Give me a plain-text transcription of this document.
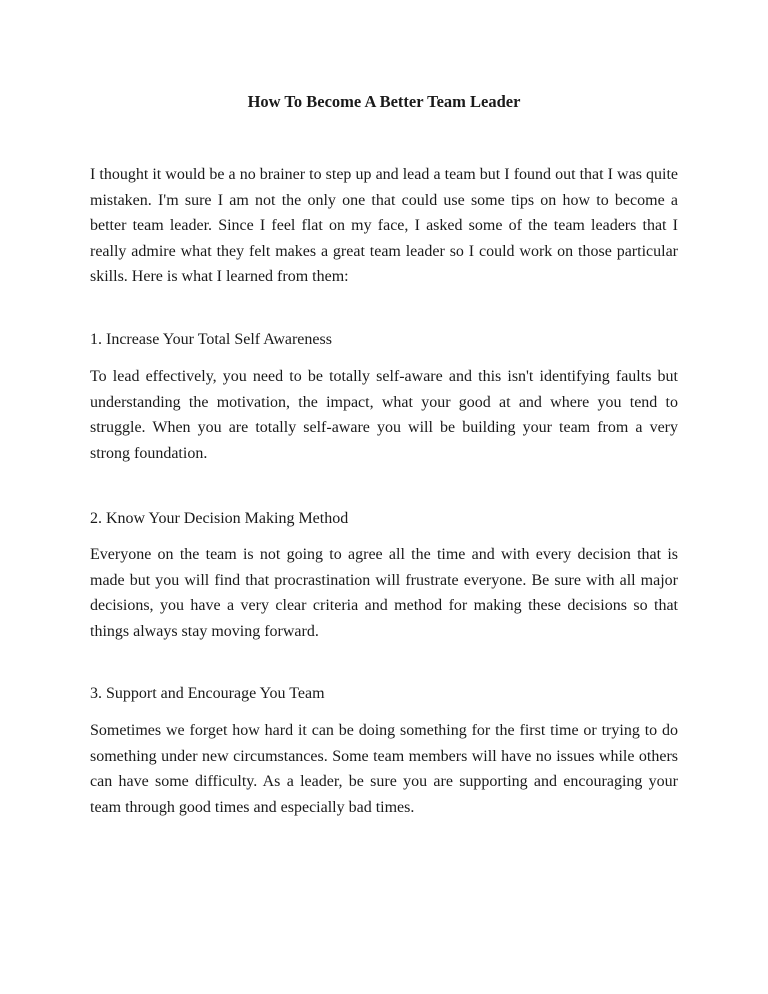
How To Become A Better Team Leader

I thought it would be a no brainer to step up and lead a team but I found out that I was quite mistaken. I'm sure I am not the only one that could use some tips on how to become a better team leader. Since I feel flat on my face, I asked some of the team leaders that I really admire what they felt makes a great team leader so I could work on those particular skills. Here is what I learned from them:

1. Increase Your Total Self Awareness

To lead effectively, you need to be totally self-aware and this isn't identifying faults but understanding the motivation, the impact, what your good at and where you tend to struggle. When you are totally self-aware you will be building your team from a very strong foundation.

2. Know Your Decision Making Method

Everyone on the team is not going to agree all the time and with every decision that is made but you will find that procrastination will frustrate everyone. Be sure with all major decisions, you have a very clear criteria and method for making these decisions so that things always stay moving forward.

3. Support and Encourage You Team

Sometimes we forget how hard it can be doing something for the first time or trying to do something under new circumstances. Some team members will have no issues while others can have some difficulty. As a leader, be sure you are supporting and encouraging your team through good times and especially bad times.
